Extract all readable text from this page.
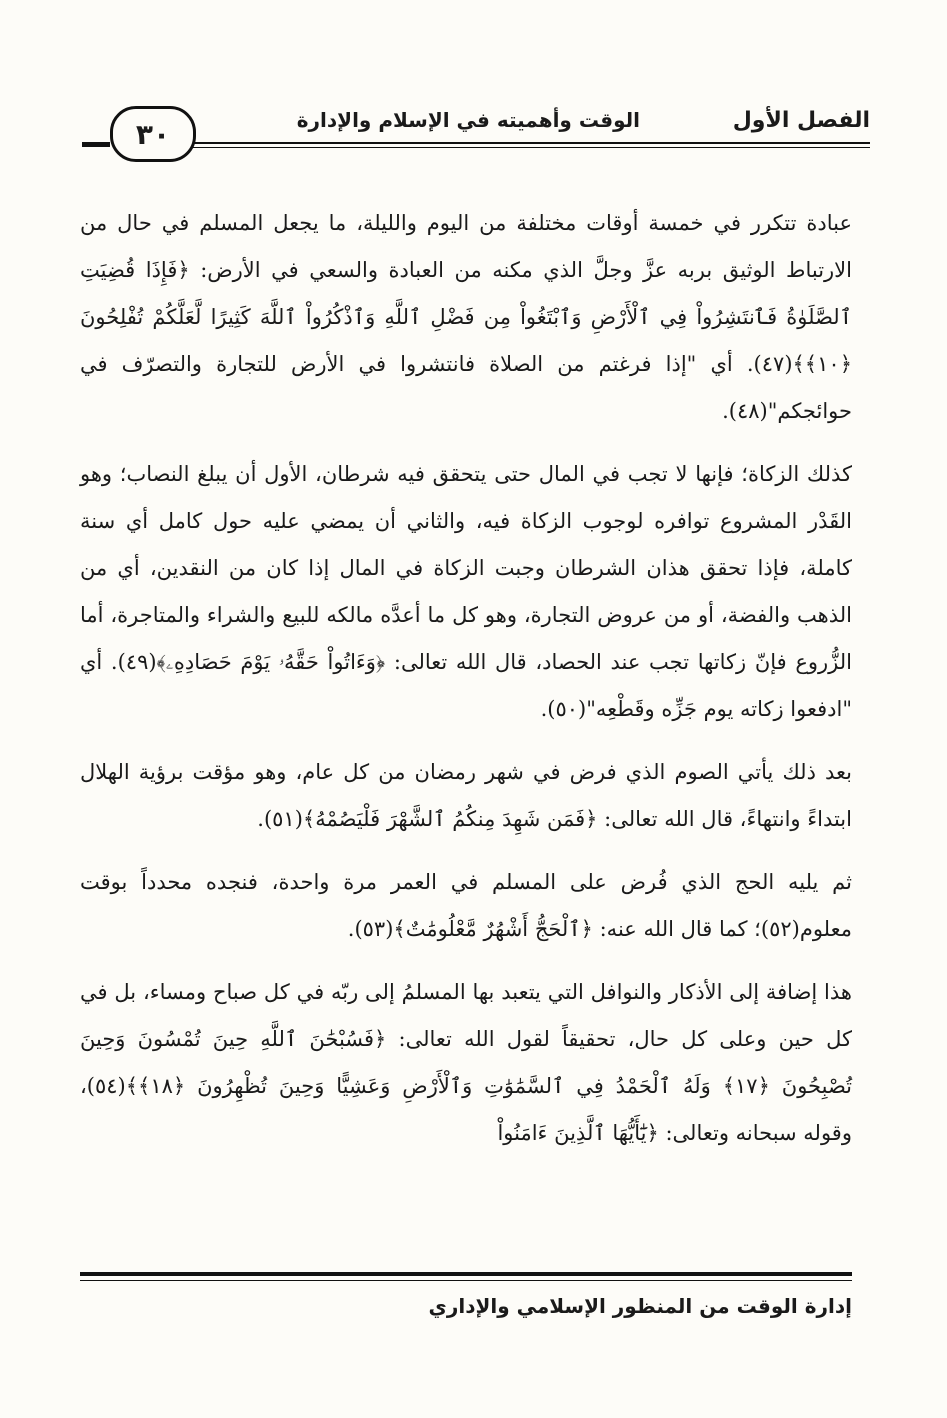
الفصل الأول
الوقت وأهميته في الإسلام والإدارة
٣٠

عبادة تتكرر في خمسة أوقات مختلفة من اليوم والليلة، ما يجعل المسلم في حال من الارتباط الوثيق بربه عزَّ وجلَّ الذي مكنه من العبادة والسعي في الأرض: ﴿فَإِذَا قُضِيَتِ ٱلصَّلَوٰةُ فَٱنتَشِرُواْ فِي ٱلْأَرْضِ وَٱبْتَغُواْ مِن فَضْلِ ٱللَّهِ وَٱذْكُرُواْ ٱللَّهَ كَثِيرًا لَّعَلَّكُمْ تُفْلِحُونَ ﴿١٠﴾﴾(٤٧). أي "إذا فرغتم من الصلاة فانتشروا في الأرض للتجارة والتصرّف في حوائجكم"(٤٨).

كذلك الزكاة؛ فإنها لا تجب في المال حتى يتحقق فيه شرطان، الأول أن يبلغ النصاب؛ وهو القَدْر المشروع توافره لوجوب الزكاة فيه، والثاني أن يمضي عليه حول كامل أي سنة كاملة، فإذا تحقق هذان الشرطان وجبت الزكاة في المال إذا كان من النقدين، أي من الذهب والفضة، أو من عروض التجارة، وهو كل ما أعدَّه مالكه للبيع والشراء والمتاجرة، أما الزُّروع فإنّ زكاتها تجب عند الحصاد، قال الله تعالى: ﴿وَءَاتُواْ حَقَّهُۥ يَوْمَ حَصَادِهِۦ﴾(٤٩). أي "ادفعوا زكاته يوم جَزِّه وقَطْعِه"(٥٠).

بعد ذلك يأتي الصوم الذي فرض في شهر رمضان من كل عام، وهو مؤقت برؤية الهلال ابتداءً وانتهاءً، قال الله تعالى: ﴿فَمَن شَهِدَ مِنكُمُ ٱلشَّهْرَ فَلْيَصُمْهُ﴾(٥١).

ثم يليه الحج الذي فُرض على المسلم في العمر مرة واحدة، فنجده محدداً بوقت معلوم(٥٢)؛ كما قال الله عنه: ﴿ٱلْحَجُّ أَشْهُرٌ مَّعْلُومَٰتٌ﴾(٥٣).

هذا إضافة إلى الأذكار والنوافل التي يتعبد بها المسلمُ إلى ربّه في كل صباح ومساء، بل في كل حين وعلى كل حال، تحقيقاً لقول الله تعالى: ﴿فَسُبْحَٰنَ ٱللَّهِ حِينَ تُمْسُونَ وَحِينَ تُصْبِحُونَ ﴿١٧﴾ وَلَهُ ٱلْحَمْدُ فِي ٱلسَّمَٰوَٰتِ وَٱلْأَرْضِ وَعَشِيًّا وَحِينَ تُظْهِرُونَ ﴿١٨﴾﴾(٥٤)، وقوله سبحانه وتعالى: ﴿يَٰٓأَيُّهَا ٱلَّذِينَ ءَامَنُواْ

إدارة الوقت من المنظور الإسلامي والإداري
